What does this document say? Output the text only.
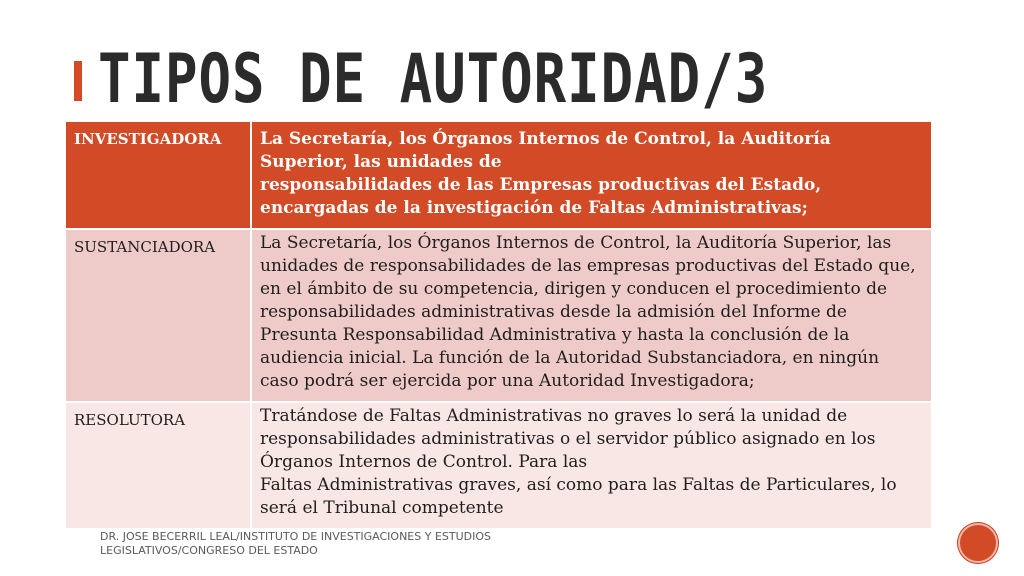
TIPOS DE AUTORIDAD/3
INVESTIGADORA	La Secretaría, los Órganos Internos de Control, la Auditoría Superior, las unidades de
responsabilidades de las Empresas productivas del Estado, encargadas de la investigación de Faltas Administrativas;
SUSTANCIADORA	La Secretaría, los Órganos Internos de Control, la Auditoría Superior, las unidades de responsabilidades de las empresas productivas del Estado que, en el ámbito de su competencia, dirigen y conducen el procedimiento de responsabilidades administrativas desde la admisión del Informe de Presunta Responsabilidad Administrativa y hasta la conclusión de la audiencia inicial. La función de la Autoridad Substanciadora, en ningún caso podrá ser ejercida por una Autoridad Investigadora;
RESOLUTORA	Tratándose de Faltas Administrativas no graves lo será la unidad de responsabilidades administrativas o el servidor público asignado en los Órganos Internos de Control. Para las
Faltas Administrativas graves, así como para las Faltas de Particulares, lo será el Tribunal competente
DR. JOSE BECERRIL LEAL/INSTITUTO DE INVESTIGACIONES Y ESTUDIOS LEGISLATIVOS/CONGRESO DEL ESTADO
